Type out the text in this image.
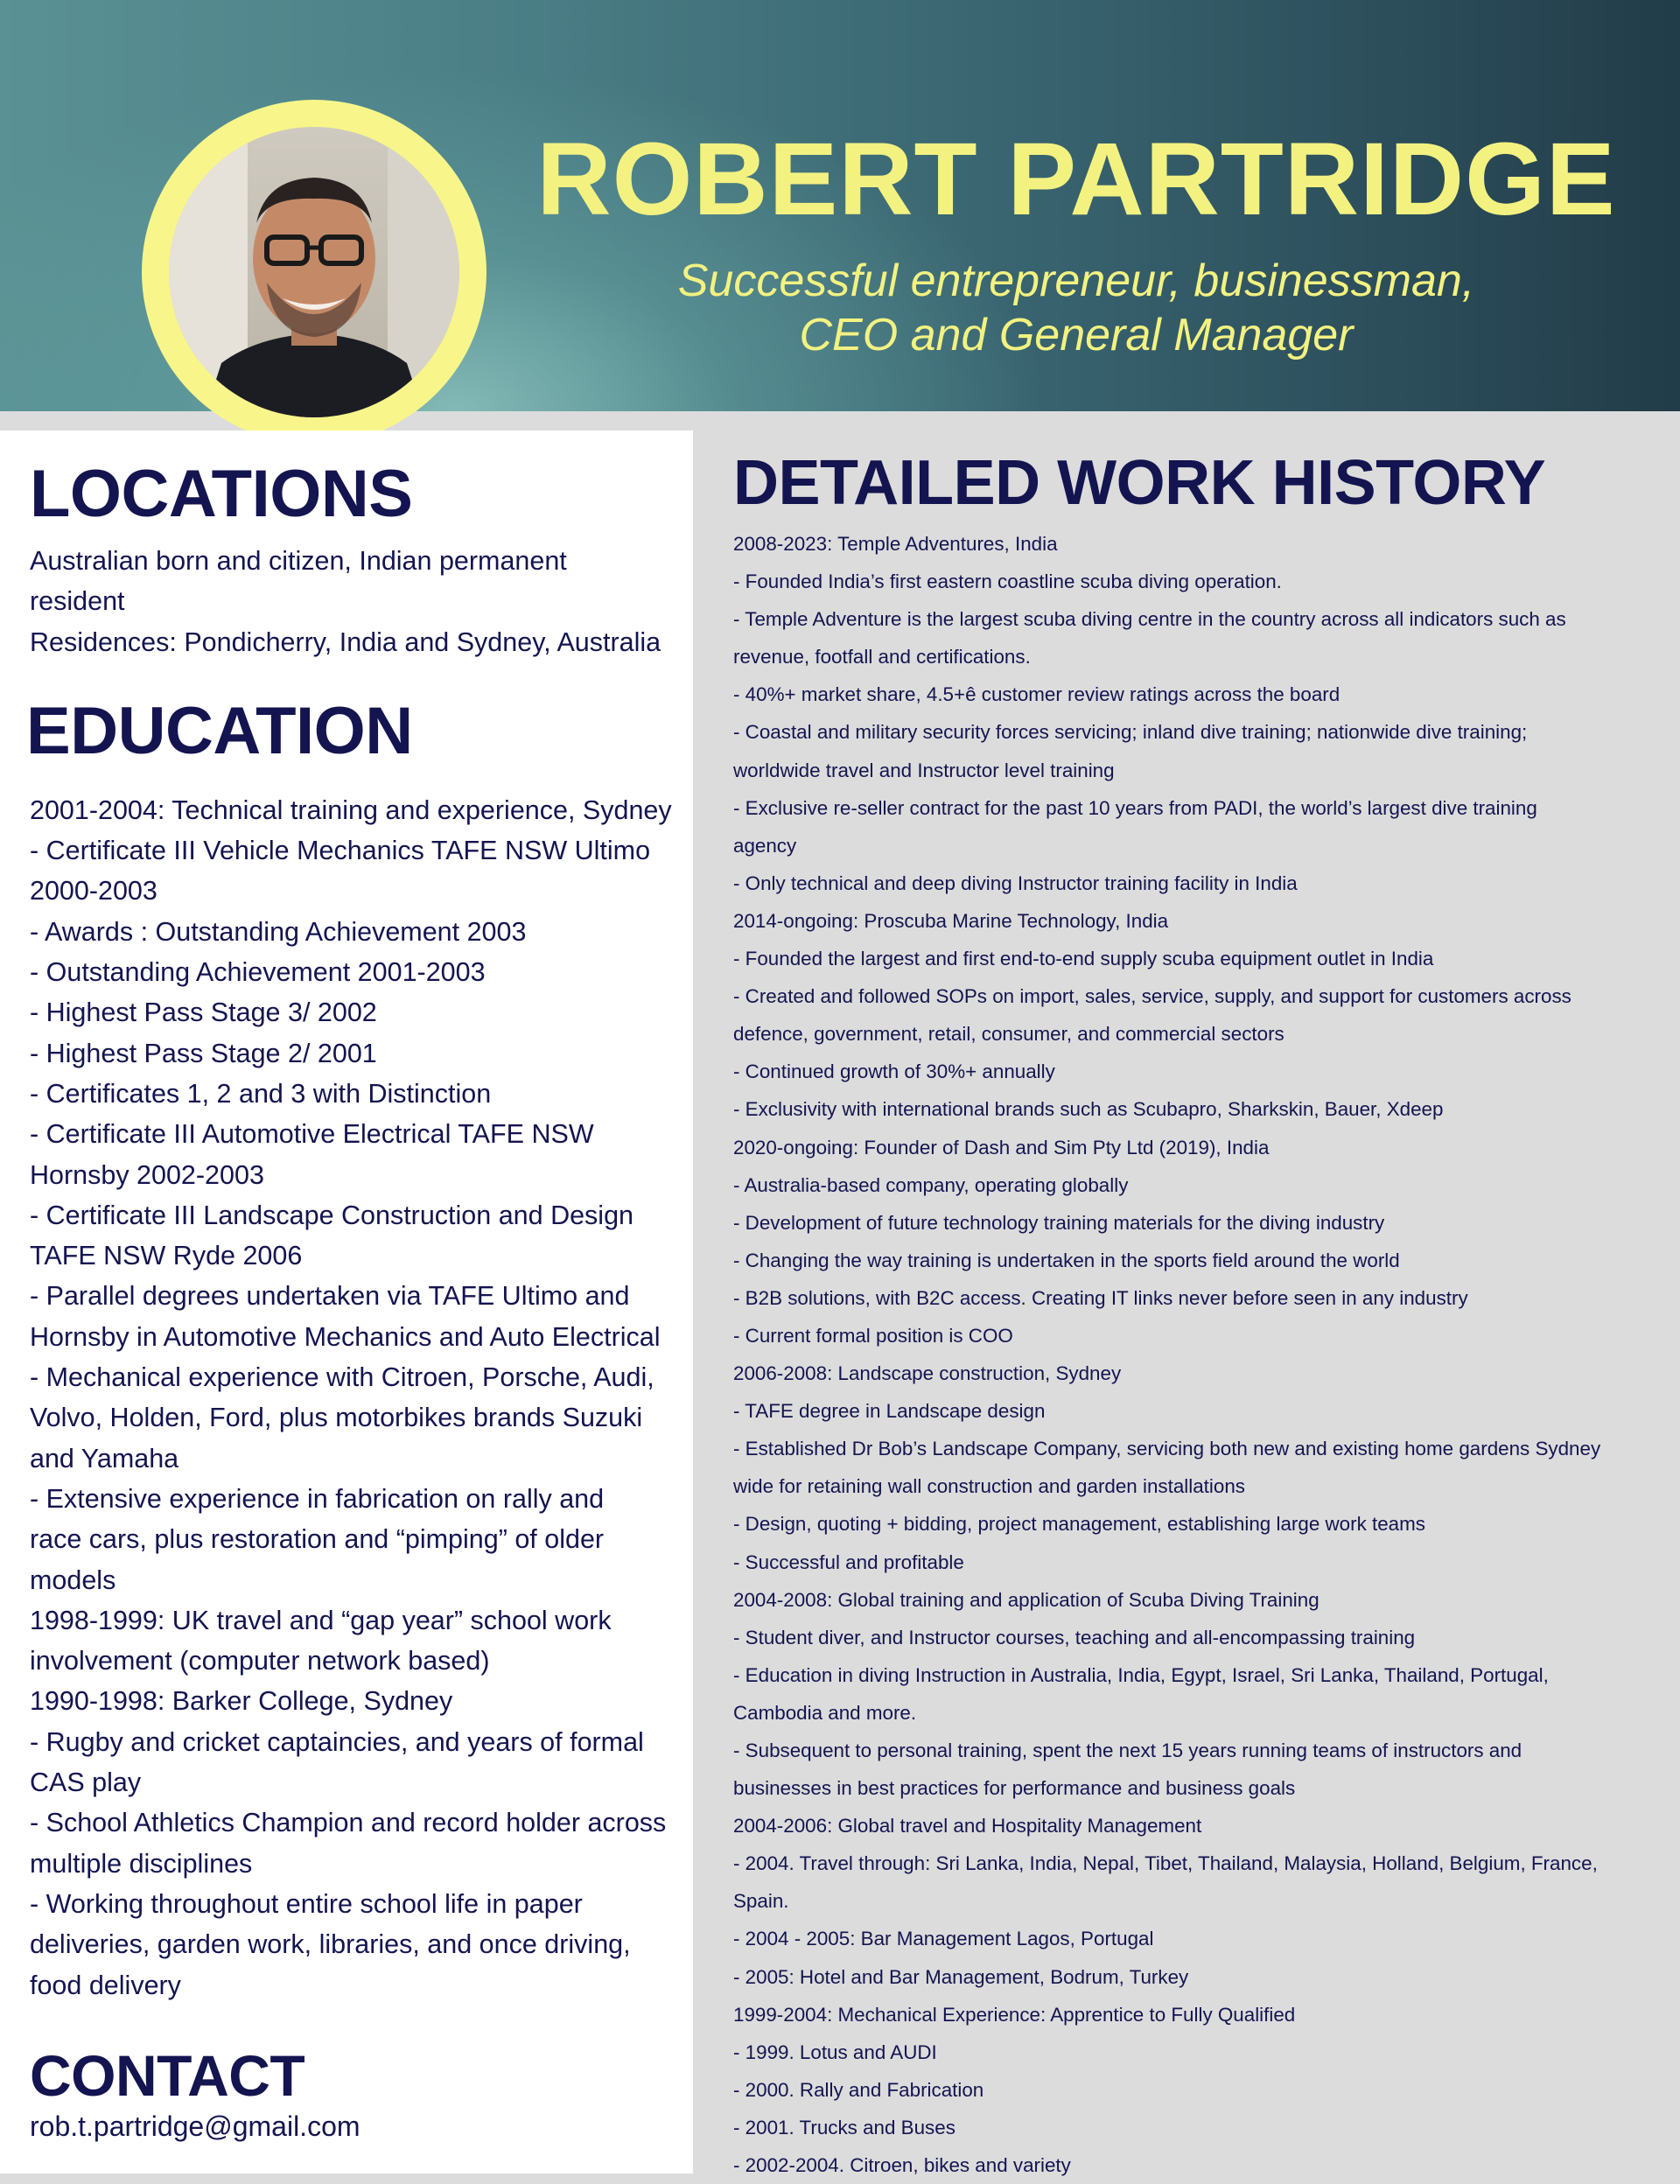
ROBERT PARTRIDGE
Successful entrepreneur, businessman,
CEO and General Manager
LOCATIONS
Australian born and citizen, Indian permanent
resident
Residences: Pondicherry, India and Sydney, Australia
EDUCATION
2001-2004: Technical training and experience, Sydney
- Certificate III Vehicle Mechanics TAFE NSW Ultimo
2000-2003
- Awards : Outstanding Achievement 2003
- Outstanding Achievement 2001-2003
- Highest Pass Stage 3/ 2002
- Highest Pass Stage 2/ 2001
- Certificates 1, 2 and 3 with Distinction
- Certificate III Automotive Electrical TAFE NSW
Hornsby 2002-2003
- Certificate III Landscape Construction and Design
TAFE NSW Ryde 2006
- Parallel degrees undertaken via TAFE Ultimo and
Hornsby in Automotive Mechanics and Auto Electrical
- Mechanical experience with Citroen, Porsche, Audi,
Volvo, Holden, Ford, plus motorbikes brands Suzuki
and Yamaha
- Extensive experience in fabrication on rally and
race cars, plus restoration and “pimping” of older
models
1998-1999: UK travel and “gap year” school work
involvement (computer network based)
1990-1998: Barker College, Sydney
- Rugby and cricket captaincies, and years of formal
CAS play
- School Athletics Champion and record holder across
multiple disciplines
- Working throughout entire school life in paper
deliveries, garden work, libraries, and once driving,
food delivery
CONTACT
rob.t.partridge@gmail.com
DETAILED WORK HISTORY
2008-2023: Temple Adventures, India
- Founded India’s first eastern coastline scuba diving operation.
- Temple Adventure is the largest scuba diving centre in the country across all indicators such as
revenue, footfall and certifications.
- 40%+ market share, 4.5+ê customer review ratings across the board
- Coastal and military security forces servicing; inland dive training; nationwide dive training;
worldwide travel and Instructor level training
- Exclusive re-seller contract for the past 10 years from PADI, the world’s largest dive training
agency
- Only technical and deep diving Instructor training facility in India
2014-ongoing: Proscuba Marine Technology, India
- Founded the largest and first end-to-end supply scuba equipment outlet in India
- Created and followed SOPs on import, sales, service, supply, and support for customers across
defence, government, retail, consumer, and commercial sectors
- Continued growth of 30%+ annually
- Exclusivity with international brands such as Scubapro, Sharkskin, Bauer, Xdeep
2020-ongoing: Founder of Dash and Sim Pty Ltd (2019), India
- Australia-based company, operating globally
- Development of future technology training materials for the diving industry
- Changing the way training is undertaken in the sports field around the world
- B2B solutions, with B2C access. Creating IT links never before seen in any industry
- Current formal position is COO
2006-2008: Landscape construction, Sydney
- TAFE degree in Landscape design
- Established Dr Bob’s Landscape Company, servicing both new and existing home gardens Sydney
wide for retaining wall construction and garden installations
- Design, quoting + bidding, project management, establishing large work teams
- Successful and profitable
2004-2008: Global training and application of Scuba Diving Training
- Student diver, and Instructor courses, teaching and all-encompassing training
- Education in diving Instruction in Australia, India, Egypt, Israel, Sri Lanka, Thailand, Portugal,
Cambodia and more.
- Subsequent to personal training, spent the next 15 years running teams of instructors and
businesses in best practices for performance and business goals
2004-2006: Global travel and Hospitality Management
- 2004. Travel through: Sri Lanka, India, Nepal, Tibet, Thailand, Malaysia, Holland, Belgium, France,
Spain.
- 2004 - 2005: Bar Management Lagos, Portugal
- 2005: Hotel and Bar Management, Bodrum, Turkey
1999-2004: Mechanical Experience: Apprentice to Fully Qualified
- 1999. Lotus and AUDI
- 2000. Rally and Fabrication
- 2001. Trucks and Buses
- 2002-2004. Citroen, bikes and variety
